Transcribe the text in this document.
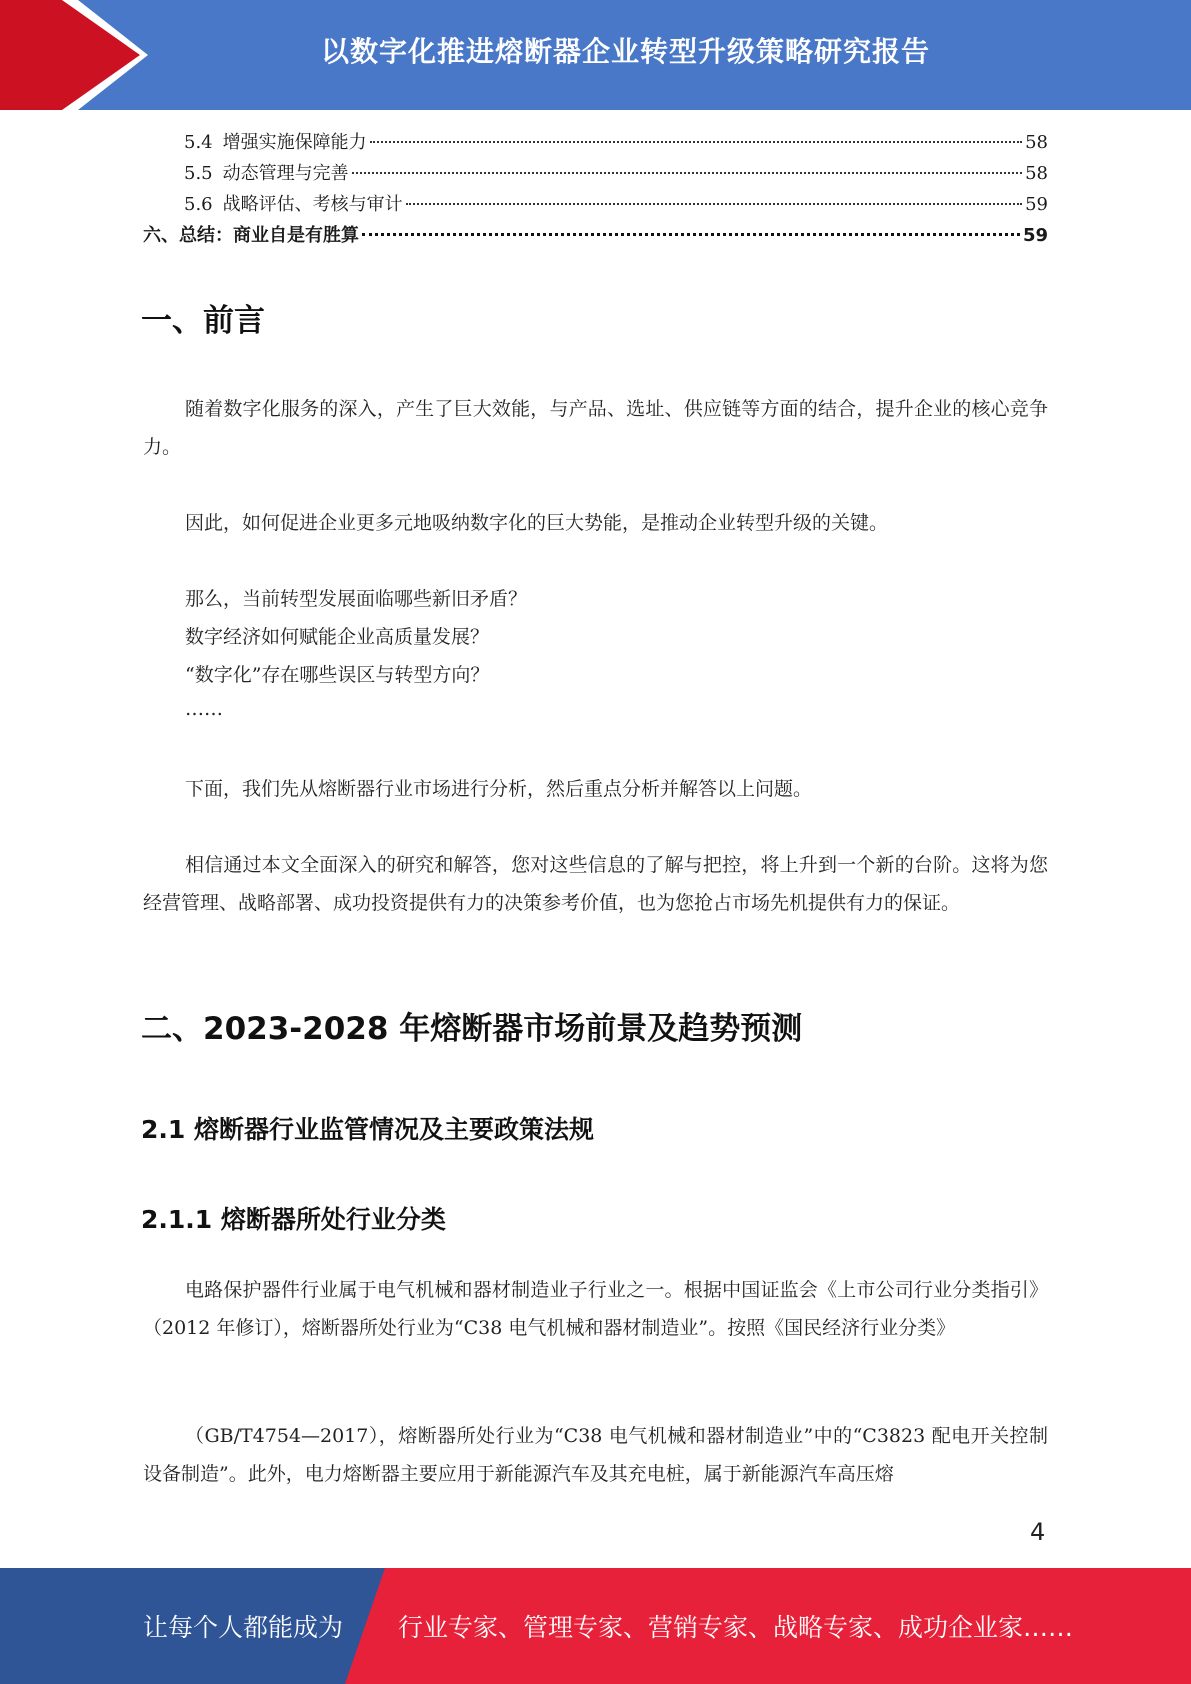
以数字化推进熔断器企业转型升级策略研究报告
5.4 增强实施保障能力	58
5.5 动态管理与完善	58
5.6 战略评估、考核与审计	59
六、总结：商业自是有胜算	59
一、前言
随着数字化服务的深入，产生了巨大效能，与产品、选址、供应链等方面的结合，提升企业的核心竞争力。
因此，如何促进企业更多元地吸纳数字化的巨大势能，是推动企业转型升级的关键。
那么，当前转型发展面临哪些新旧矛盾？
数字经济如何赋能企业高质量发展？
“数字化”存在哪些误区与转型方向？
……
下面，我们先从熔断器行业市场进行分析，然后重点分析并解答以上问题。
相信通过本文全面深入的研究和解答，您对这些信息的了解与把控，将上升到一个新的台阶。这将为您经营管理、战略部署、成功投资提供有力的决策参考价值，也为您抢占市场先机提供有力的保证。
二、2023-2028 年熔断器市场前景及趋势预测
2.1 熔断器行业监管情况及主要政策法规
2.1.1 熔断器所处行业分类
电路保护器件行业属于电气机械和器材制造业子行业之一。根据中国证监会《上市公司行业分类指引》（2012 年修订），熔断器所处行业为“C38 电气机械和器材制造业”。按照《国民经济行业分类》
（GB/T4754—2017），熔断器所处行业为“C38 电气机械和器材制造业”中的“C3823 配电开关控制设备制造”。此外，电力熔断器主要应用于新能源汽车及其充电桩，属于新能源汽车高压熔
4
让每个人都能成为 行业专家、管理专家、营销专家、战略专家、成功企业家……
